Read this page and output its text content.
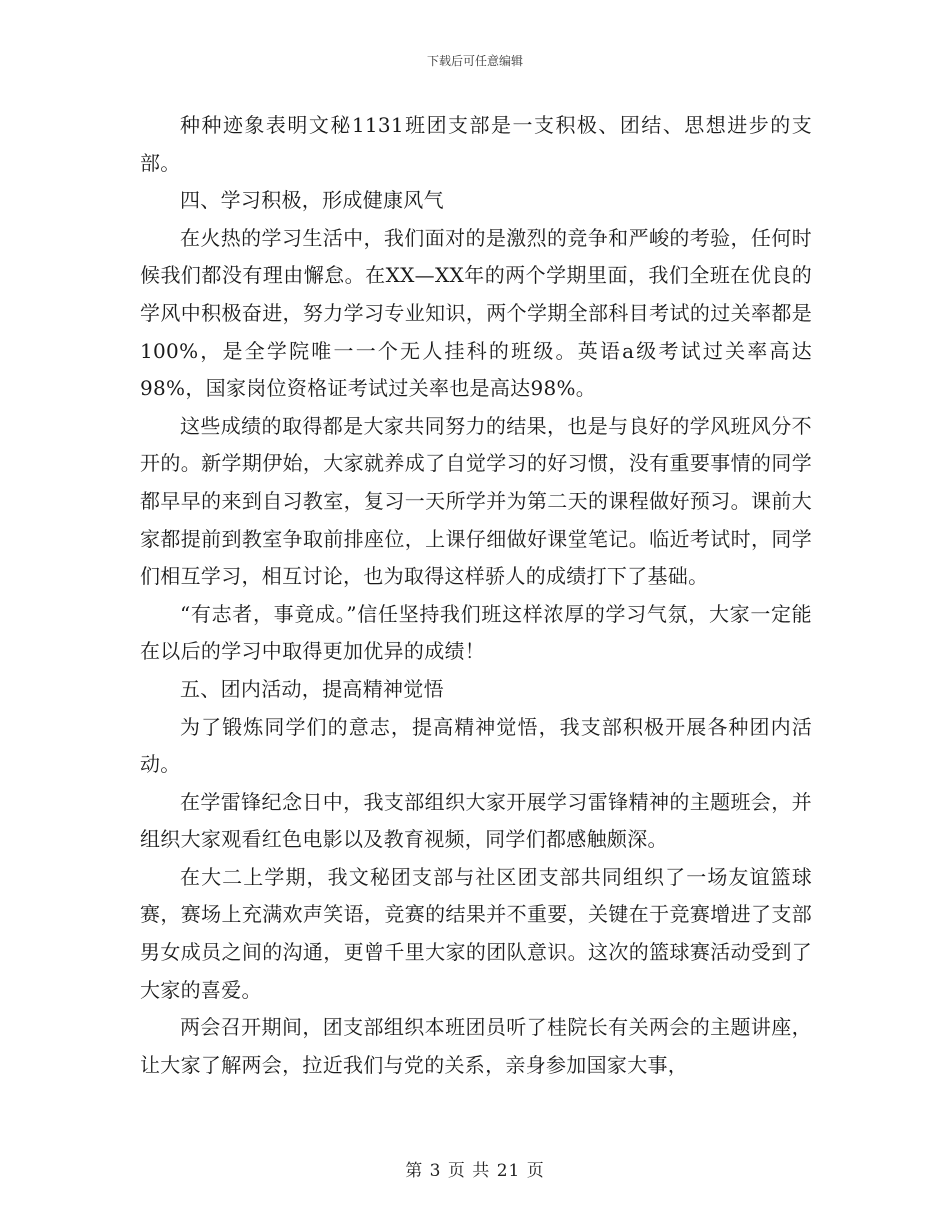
下载后可任意编辑

种种迹象表明文秘1131班团支部是一支积极、团结、思想进步的支部。

四、学习积极，形成健康风气

在火热的学习生活中，我们面对的是激烈的竞争和严峻的考验，任何时候我们都没有理由懈怠。在XX—XX年的两个学期里面，我们全班在优良的学风中积极奋进，努力学习专业知识，两个学期全部科目考试的过关率都是100%，是全学院唯一一个无人挂科的班级。英语a级考试过关率高达98%，国家岗位资格证考试过关率也是高达98%。

这些成绩的取得都是大家共同努力的结果，也是与良好的学风班风分不开的。新学期伊始，大家就养成了自觉学习的好习惯，没有重要事情的同学都早早的来到自习教室，复习一天所学并为第二天的课程做好预习。课前大家都提前到教室争取前排座位，上课仔细做好课堂笔记。临近考试时，同学们相互学习，相互讨论，也为取得这样骄人的成绩打下了基础。

“有志者，事竟成。”信任坚持我们班这样浓厚的学习气氛，大家一定能在以后的学习中取得更加优异的成绩！

五、团内活动，提高精神觉悟

为了锻炼同学们的意志，提高精神觉悟，我支部积极开展各种团内活动。

在学雷锋纪念日中，我支部组织大家开展学习雷锋精神的主题班会，并组织大家观看红色电影以及教育视频，同学们都感触颇深。

在大二上学期，我文秘团支部与社区团支部共同组织了一场友谊篮球赛，赛场上充满欢声笑语，竞赛的结果并不重要，关键在于竞赛增进了支部男女成员之间的沟通，更曾千里大家的团队意识。这次的篮球赛活动受到了大家的喜爱。

两会召开期间，团支部组织本班团员听了桂院长有关两会的主题讲座，让大家了解两会，拉近我们与党的关系，亲身参加国家大事，

第 3 页 共 21 页
